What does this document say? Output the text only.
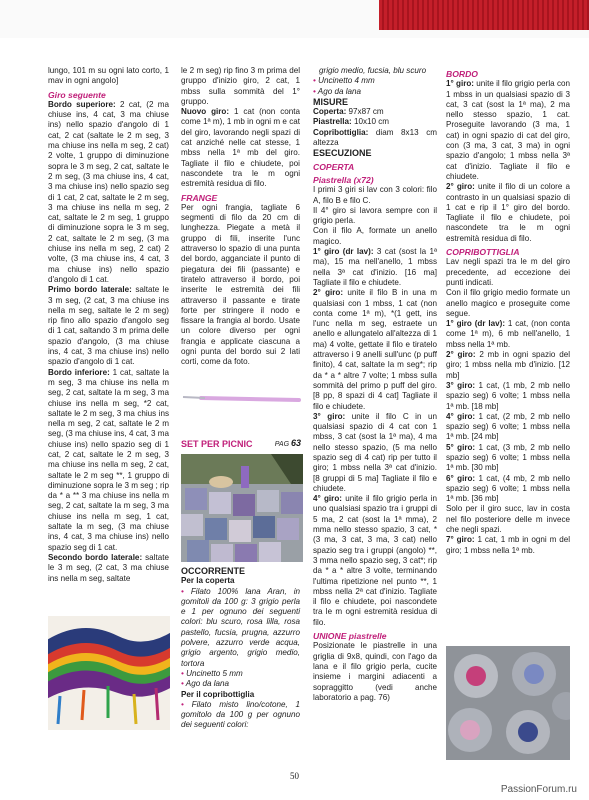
lungo, 101 m su ogni lato corto, 1 mav in ogni angolo]

Giro seguente

Bordo superiore: 2 cat, (2 ma chiuse ins, 4 cat, 3 ma chiuse ins) nello spazio d'angolo di 1 cat, 2 cat (saltate le 2 m seg, 3 ma chiuse ins nella m seg, 2 cat) 2 volte, 1 gruppo di diminuzione sopra le 3 m seg, 2 cat, saltate le 2 m seg, (3 ma chiuse ins, 4 cat, 3 ma chiuse ins) nello spazio seg di 1 cat, 2 cat, saltate le 2 m seg, 3 ma chiuse ins nella m seg, 2 cat, saltate le 2 m seg, 1 gruppo di diminuzione sopra le 3 m seg, 2 cat, saltate le 2 m seg, (3 ma chiuse ins nella m seg, 2 cat) 2 volte, (3 ma chiuse ins, 4 cat, 3 ma chiuse ins) nello spazio d'angolo di 1 cat.

Primo bordo laterale: saltate le 3 m seg, (2 cat, 3 ma chiuse ins nella m seg, saltate le 2 m seg) rip fino allo spazio d'angolo seg di 1 cat, saltando 3 m prima delle spazio d'angolo, (3 ma chiuse ins, 4 cat, 3 ma chiuse ins) nello spazio d'angolo di 1 cat.

Bordo inferiore: 1 cat, saltate la m seg, 3 ma chiuse ins nella m seg, 2 cat, saltate la m seg, 3 ma chiuse ins nella m seg, *2 cat, saltate le 2 m seg, 3 ma chius ins nella m seg, 2 cat, saltate le 2 m seg, (3 ma chiuse ins, 4 cat, 3 ma chiuse ins) nello spazio seg di 1 cat, 2 cat, saltate le 2 m seg, 3 ma chiuse ins nella m seg, 2 cat, saltate le 2 m seg **, 1 gruppo di diminuzione sopra le 3 m seg ; rip da * a ** 3 ma chiuse ins nella m seg, 2 cat, saltate la m seg, 3 ma chiuse ins nella m seg, 1 cat, saltate la m seg, (3 ma chiuse ins, 4 cat, 3 ma chiuse ins) nello spazio seg di 1 cat.

Secondo bordo laterale: saltate le 3 m seg, (2 cat, 3 ma chiuse ins nella m seg, saltate

le 2 m seg) rip fino 3 m prima del gruppo d'inizio giro, 2 cat, 1 mbss sulla sommità del 1° gruppo.

Nuovo giro: 1 cat (non conta come 1ª m), 1 mb in ogni m e cat del giro, lavorando negli spazi di cat anziché nelle cat stesse, 1 mbss nella 1ª mb del giro. Tagliate il filo e chiudete, poi nascondete tra le m ogni estremità residua di filo.

FRANGE

Per ogni frangia, tagliate 6 segmenti di filo da 20 cm di lunghezza. Piegate a metà il gruppo di fili, inserite l'unc attraverso lo spazio di una punta del bordo, agganciate il punto di piegatura dei fili (passante) e tiratelo attraverso il bordo, poi inserite le estremità dei fili attraverso il passante e tirate forte per stringere il nodo e fissare la frangia al bordo. Usate un colore diverso per ogni frangia e applicate ciascuna a ogni punta del bordo sui 2 lati corti, come da foto.

SET PER PICNIC	PAG 63

OCCORRENTE

Per la coperta

• Filato 100% lana Aran, in gomitoli da 100 g: 3 grigio perla e 1 per ognuno dei seguenti colori: blu scuro, rosa lilla, rosa pastello, fucsia, prugna, azzurro polvere, azzurro verde acqua, grigio argento, grigio medio, tortora

• Uncinetto 5 mm

• Ago da lana

Per il copribottiglia

• Filato misto lino/cotone, 1 gomitolo da 100 g per ognuno dei seguenti colori:

grigio medio, fucsia, blu scuro

• Uncinetto 4 mm

• Ago da lana

MISURE

Coperta: 97x87 cm

Piastrella: 10x10 cm

Copribottiglia: diam 8x13 cm altezza

ESECUZIONE

COPERTA

Piastrella (x72)

I primi 3 giri si lav con 3 colori: filo A, filo B e filo C.

Il 4° giro si lavora sempre con il grigio perla.

Con il filo A, formate un anello magico.

1° giro (dr lav): 3 cat (sost la 1ª ma), 15 ma nell'anello, 1 mbss nella 3ª cat d'inizio. [16 ma] Tagliate il filo e chiudete.

2° giro: unite il filo B in una m qualsiasi con 1 mbss, 1 cat (non conta come 1ª m), *(1 gett, ins l'unc nella m seg, estraete un anello e allungatelo all'altezza di 1 ma) 4 volte, gettate il filo e tiratelo attraverso i 9 anelli sull'unc (p puff finito), 4 cat, saltate la m seg*; rip da * a * altre 7 volte; 1 mbss sulla sommità del primo p puff del giro. [8 pp, 8 spazi di 4 cat] Tagliate il filo e chiudete.

3° giro: unite il filo C in un qualsiasi spazio di 4 cat con 1 mbss, 3 cat (sost la 1ª ma), 4 ma nello stesso spazio, (5 ma nello spazio seg di 4 cat) rip per tutto il giro; 1 mbss nella 3ª cat d'inizio. [8 gruppi di 5 ma] Tagliate il filo e chiudete.

4° giro: unite il filo grigio perla in uno qualsiasi spazio tra i gruppi di 5 ma, 2 cat (sost la 1ª mma), 2 mma nello stesso spazio, 3 cat, *(3 ma, 3 cat, 3 ma, 3 cat) nello spazio seg tra i gruppi (angolo) **, 3 mma nello spazio seg, 3 cat*; rip da * a * altre 3 volte, terminando l'ultima ripetizione nel punto **, 1 mbss nella 2ª cat d'inizio. Tagliate il filo e chiudete, poi nascondete tra le m ogni estremità residua di filo.

UNIONE piastrelle

Posizionate le piastrelle in una griglia di 9x8, quindi, con l'ago da lana e il filo grigio perla, cucite insieme i margini adiacenti a sopraggitto (vedi anche laboratorio a pag. 76)

BORDO

1° giro: unite il filo grigio perla con 1 mbss in un qualsiasi spazio di 3 cat, 3 cat (sost la 1ª ma), 2 ma nello stesso spazio, 1 cat. Proseguite lavorando (3 ma, 1 cat) in ogni spazio di cat del giro, con (3 ma, 3 cat, 3 ma) in ogni spazio d'angolo; 1 mbss nella 3ª cat d'inizio. Tagliate il filo e chiudete.

2° giro: unite il filo di un colore a contrasto in un qualsiasi spazio di 1 cat e rip il 1° giro del bordo. Tagliate il filo e chiudete, poi nascondete tra le m ogni estremità residua di filo.

COPRIBOTTIGLIA

Lav negli spazi tra le m del giro precedente, ad eccezione dei punti indicati.

Con il filo grigio medio formate un anello magico e proseguite come segue.

1° giro (dr lav): 1 cat, (non conta come 1ª m), 6 mb nell'anello, 1 mbss nella 1ª mb.

2° giro: 2 mb in ogni spazio del giro; 1 mbss nella mb d'inizio. [12 mb]

3° giro: 1 cat, (1 mb, 2 mb nello spazio seg) 6 volte; 1 mbss nella 1ª mb. [18 mb]

4° giro: 1 cat, (2 mb, 2 mb nello spazio seg) 6 volte; 1 mbss nella 1ª mb. [24 mb]

5° giro: 1 cat, (3 mb, 2 mb nello spazio seg) 6 volte; 1 mbss nella 1ª mb. [30 mb]

6° giro: 1 cat, (4 mb, 2 mb nello spazio seg) 6 volte; 1 mbss nella 1ª mb. [36 mb]

Solo per il giro succ, lav in costa nel filo posteriore delle m invece che negli spazi.

7° giro: 1 cat, 1 mb in ogni m del giro; 1 mbss nella 1ª mb.

50
PassionForum.ru
